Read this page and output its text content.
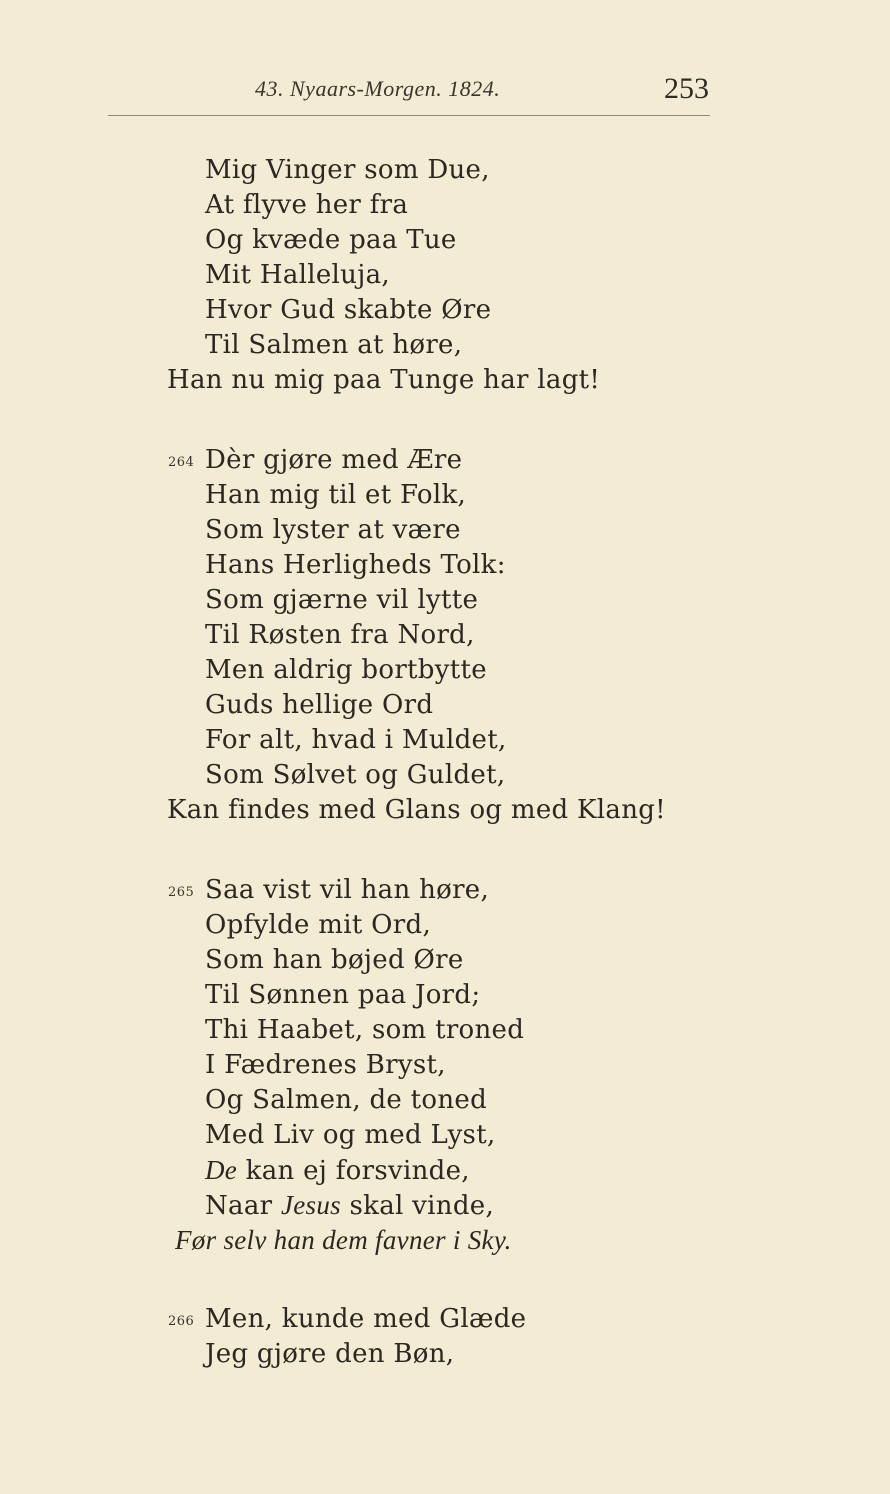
43. Nyaars-Morgen. 1824.	253
Mig Vinger som Due,
At flyve her fra
Og kvæde paa Tue
Mit Halleluja,
Hvor Gud skabte Øre
Til Salmen at høre,
Han nu mig paa Tunge har lagt!
264 Dèr gjøre med Ære
Han mig til et Folk,
Som lyster at være
Hans Herligheds Tolk:
Som gjærne vil lytte
Til Røsten fra Nord,
Men aldrig bortbytte
Guds hellige Ord
For alt, hvad i Muldet,
Som Sølvet og Guldet,
Kan findes med Glans og med Klang!
265 Saa vist vil han høre,
Opfylde mit Ord,
Som han bøjed Øre
Til Sønnen paa Jord;
Thi Haabet, som troned
I Fædrenes Bryst,
Og Salmen, de toned
Med Liv og med Lyst,
De kan ej forsvinde,
Naar Jesus skal vinde,
Før selv han dem favner i Sky.
266 Men, kunde med Glæde
Jeg gjøre den Bøn,
